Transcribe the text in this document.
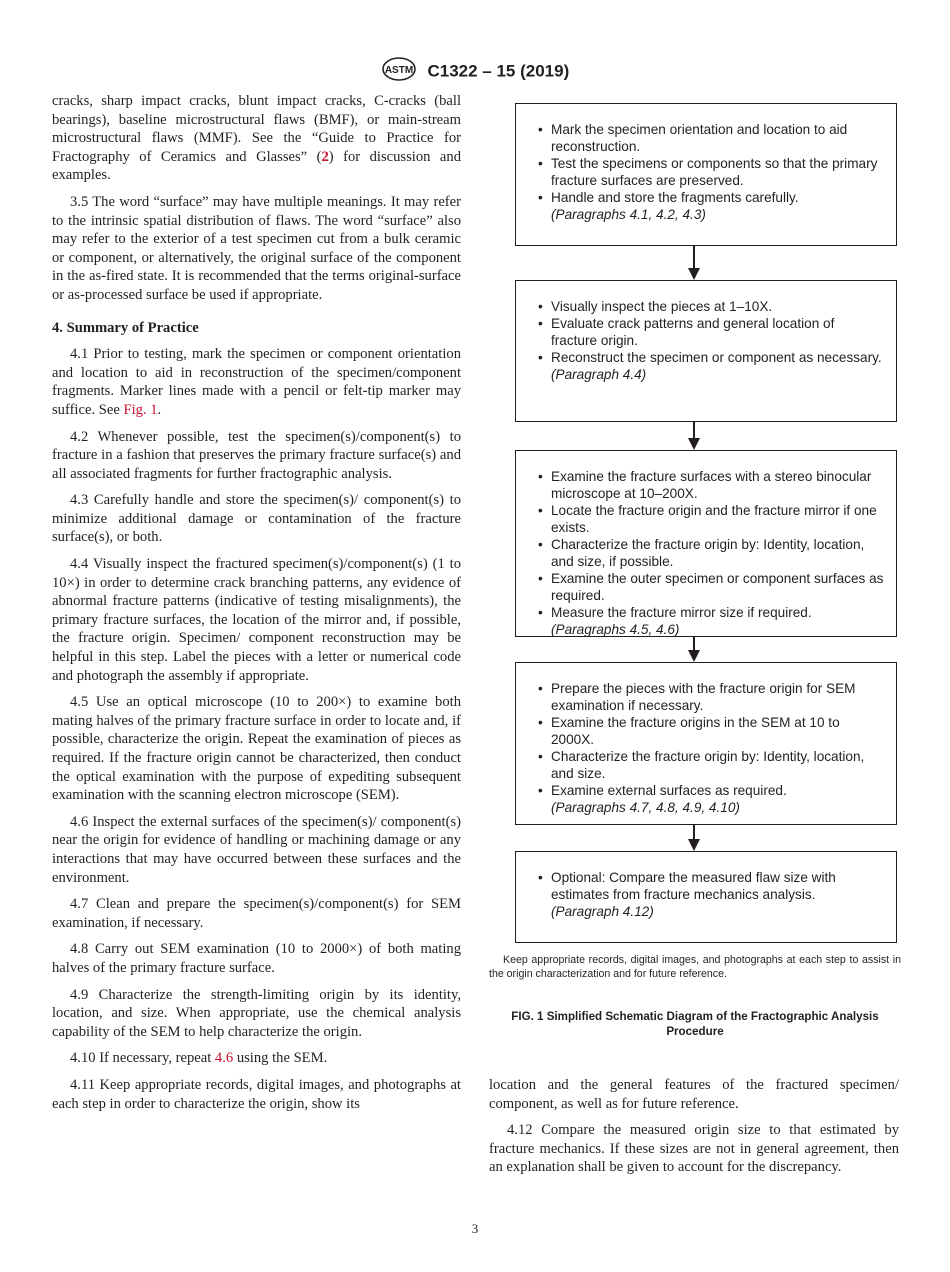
ASTM C1322 – 15 (2019)

cracks, sharp impact cracks, blunt impact cracks, C-cracks (ball bearings), baseline microstructural flaws (BMF), or main-stream microstructural flaws (MMF). See the “Guide to Practice for Fractography of Ceramics and Glasses” (2) for discussion and examples.

3.5 The word “surface” may have multiple meanings. It may refer to the intrinsic spatial distribution of flaws. The word “surface” also may refer to the exterior of a test specimen cut from a bulk ceramic or component, or alternatively, the original surface of the component in the as-fired state. It is recommended that the terms original-surface or as-processed surface be used if appropriate.

4. Summary of Practice

4.1 Prior to testing, mark the specimen or component orientation and location to aid in reconstruction of the specimen/component fragments. Marker lines made with a pencil or felt-tip marker may suffice. See Fig. 1.

4.2 Whenever possible, test the specimen(s)/component(s) to fracture in a fashion that preserves the primary fracture surface(s) and all associated fragments for further fractographic analysis.

4.3 Carefully handle and store the specimen(s)/ component(s) to minimize additional damage or contamination of the fracture surface(s), or both.

4.4 Visually inspect the fractured specimen(s)/component(s) (1 to 10×) in order to determine crack branching patterns, any evidence of abnormal fracture patterns (indicative of testing misalignments), the primary fracture surfaces, the location of the mirror and, if possible, the fracture origin. Specimen/ component reconstruction may be helpful in this step. Label the pieces with a letter or numerical code and photograph the assembly if appropriate.

4.5 Use an optical microscope (10 to 200×) to examine both mating halves of the primary fracture surface in order to locate and, if possible, characterize the origin. Repeat the examination of pieces as required. If the fracture origin cannot be characterized, then conduct the optical examination with the purpose of expediting subsequent examination with the scanning electron microscope (SEM).

4.6 Inspect the external surfaces of the specimen(s)/ component(s) near the origin for evidence of handling or machining damage or any interactions that may have occurred between these surfaces and the environment.

4.7 Clean and prepare the specimen(s)/component(s) for SEM examination, if necessary.

4.8 Carry out SEM examination (10 to 2000×) of both mating halves of the primary fracture surface.

4.9 Characterize the strength-limiting origin by its identity, location, and size. When appropriate, use the chemical analysis capability of the SEM to help characterize the origin.

4.10 If necessary, repeat 4.6 using the SEM.

4.11 Keep appropriate records, digital images, and photographs at each step in order to characterize the origin, show its

• Mark the specimen orientation and location to aid reconstruction.
• Test the specimens or components so that the primary fracture surfaces are preserved.
• Handle and store the fragments carefully.
(Paragraphs 4.1, 4.2, 4.3)
• Visually inspect the pieces at 1–10X.
• Evaluate crack patterns and general location of fracture origin.
• Reconstruct the specimen or component as necessary.
(Paragraph 4.4)
• Examine the fracture surfaces with a stereo binocular microscope at 10–200X.
• Locate the fracture origin and the fracture mirror if one exists.
• Characterize the fracture origin by: Identity, location, and size, if possible.
• Examine the outer specimen or component surfaces as required.
• Measure the fracture mirror size if required.
(Paragraphs 4.5, 4.6)
• Prepare the pieces with the fracture origin for SEM examination if necessary.
• Examine the fracture origins in the SEM at 10 to 2000X.
• Characterize the fracture origin by: Identity, location, and size.
• Examine external surfaces as required.
(Paragraphs 4.7, 4.8, 4.9, 4.10)
• Optional: Compare the measured flaw size with estimates from fracture mechanics analysis.
(Paragraph 4.12)
Keep appropriate records, digital images, and photographs at each step to assist in the origin characterization and for future reference.
FIG. 1 Simplified Schematic Diagram of the Fractographic Analysis Procedure

location and the general features of the fractured specimen/ component, as well as for future reference.

4.12 Compare the measured origin size to that estimated by fracture mechanics. If these sizes are not in general agreement, then an explanation shall be given to account for the discrepancy.

3
